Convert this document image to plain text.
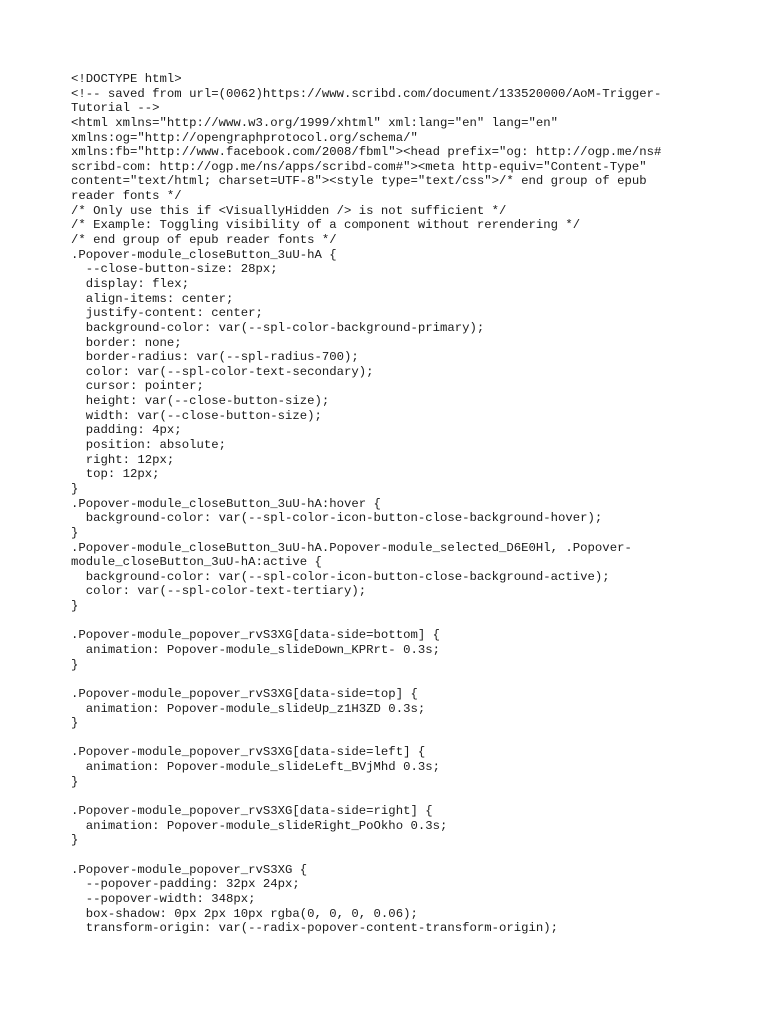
<!DOCTYPE html>
<!-- saved from url=(0062)https://www.scribd.com/document/133520000/AoM-Trigger-
Tutorial -->
<html xmlns="http://www.w3.org/1999/xhtml" xml:lang="en" lang="en"
xmlns:og="http://opengraphprotocol.org/schema/"
xmlns:fb="http://www.facebook.com/2008/fbml"><head prefix="og: http://ogp.me/ns#
scribd-com: http://ogp.me/ns/apps/scribd-com#"><meta http-equiv="Content-Type"
content="text/html; charset=UTF-8"><style type="text/css">/* end group of epub
reader fonts */
/* Only use this if <VisuallyHidden /> is not sufficient */
/* Example: Toggling visibility of a component without rerendering */
/* end group of epub reader fonts */
.Popover-module_closeButton_3uU-hA {
--close-button-size: 28px;
display: flex;
align-items: center;
justify-content: center;
background-color: var(--spl-color-background-primary);
border: none;
border-radius: var(--spl-radius-700);
color: var(--spl-color-text-secondary);
cursor: pointer;
height: var(--close-button-size);
width: var(--close-button-size);
padding: 4px;
position: absolute;
right: 12px;
top: 12px;
}
.Popover-module_closeButton_3uU-hA:hover {
background-color: var(--spl-color-icon-button-close-background-hover);
}
.Popover-module_closeButton_3uU-hA.Popover-module_selected_D6E0Hl, .Popover-
module_closeButton_3uU-hA:active {
background-color: var(--spl-color-icon-button-close-background-active);
color: var(--spl-color-text-tertiary);
}
.Popover-module_popover_rvS3XG[data-side=bottom] {
animation: Popover-module_slideDown_KPRrt- 0.3s;
}
.Popover-module_popover_rvS3XG[data-side=top] {
animation: Popover-module_slideUp_z1H3ZD 0.3s;
}
.Popover-module_popover_rvS3XG[data-side=left] {
animation: Popover-module_slideLeft_BVjMhd 0.3s;
}
.Popover-module_popover_rvS3XG[data-side=right] {
animation: Popover-module_slideRight_PoOkho 0.3s;
}
.Popover-module_popover_rvS3XG {
--popover-padding: 32px 24px;
--popover-width: 348px;
box-shadow: 0px 2px 10px rgba(0, 0, 0, 0.06);
transform-origin: var(--radix-popover-content-transform-origin);
